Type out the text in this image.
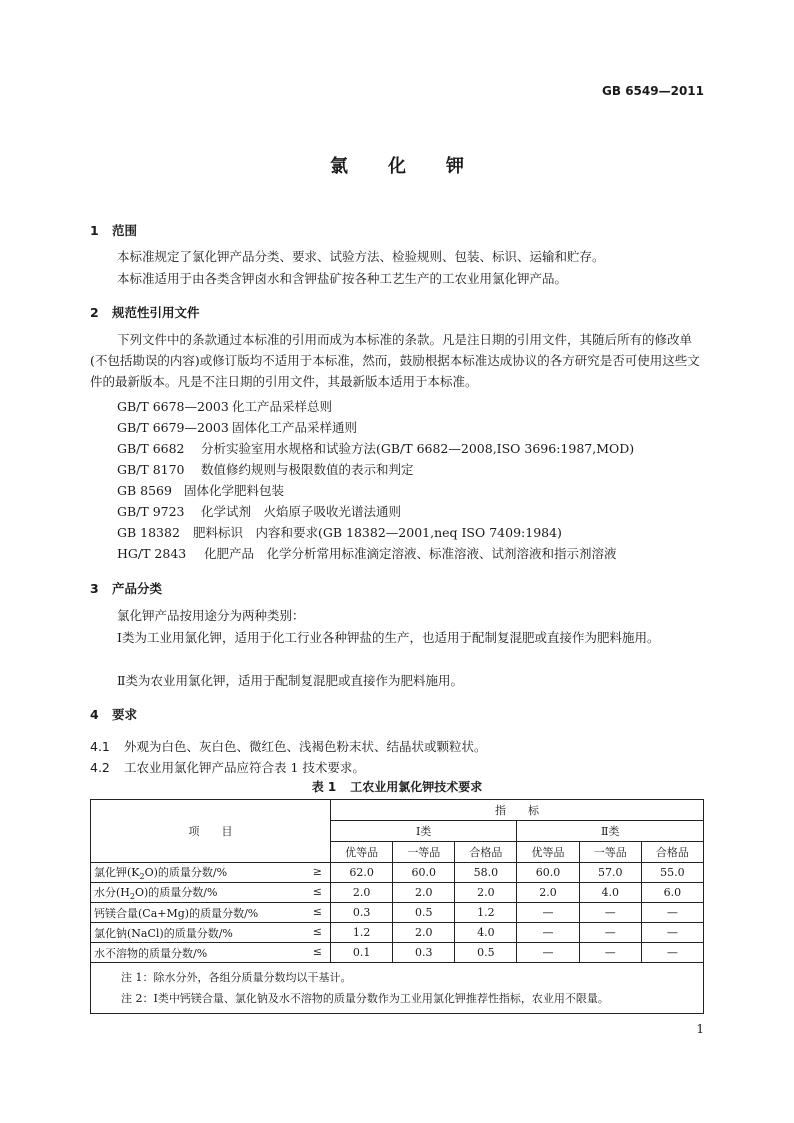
GB 6549—2011
氯化钾
1 范围
本标准规定了氯化钾产品分类、要求、试验方法、检验规则、包装、标识、运输和贮存。
本标准适用于由各类含钾卤水和含钾盐矿按各种工艺生产的工农业用氯化钾产品。
2 规范性引用文件
下列文件中的条款通过本标准的引用而成为本标准的条款。凡是注日期的引用文件，其随后所有的修改单(不包括勘误的内容)或修订版均不适用于本标准，然而，鼓励根据本标准达成协议的各方研究是否可使用这些文件的最新版本。凡是不注日期的引用文件，其最新版本适用于本标准。
GB/T 6678—2003 化工产品采样总则
GB/T 6679—2003 固体化工产品采样通则
GB/T 6682 分析实验室用水规格和试验方法(GB/T 6682—2008,ISO 3696:1987,MOD)
GB/T 8170 数值修约规则与极限数值的表示和判定
GB 8569 固体化学肥料包装
GB/T 9723 化学试剂　火焰原子吸收光谱法通则
GB 18382 肥料标识　内容和要求(GB 18382—2001,neq ISO 7409:1984)
HG/T 2843 化肥产品　化学分析常用标准滴定溶液、标准溶液、试剂溶液和指示剂溶液
3 产品分类
氯化钾产品按用途分为两种类别：
Ⅰ类为工业用氯化钾，适用于化工行业各种钾盐的生产，也适用于配制复混肥或直接作为肥料施用。
Ⅱ类为农业用氯化钾，适用于配制复混肥或直接作为肥料施用。
4 要求
4.1 外观为白色、灰白色、微红色、浅褐色粉末状、结晶状或颗粒状。
4.2 工农业用氯化钾产品应符合表 1 技术要求。
表 1 工农业用氯化钾技术要求
项　　目	指　　标					
	Ⅰ类			Ⅱ类		
	优等品	一等品	合格品	优等品	一等品	合格品
氯化钾$(K_2O)$的质量分数/% ≥	62.0	60.0	58.0	60.0	57.0	55.0
水分$(H_2O)$的质量分数/% ≤	2.0	2.0	2.0	2.0	4.0	6.0
钙镁合量(Ca+Mg)的质量分数/% ≤	0.3	0.5	1.2	—	—	—
氯化钠(NaCl)的质量分数/% ≤	1.2	2.0	4.0	—	—	—
水不溶物的质量分数/% ≤	0.1	0.3	0.5	—	—	—

注 1：除水分外，各组分质量分数均以干基计。
注 2：Ⅰ类中钙镁合量、氯化钠及水不溶物的质量分数作为工业用氯化钾推荐性指标，农业用不限量。						
1
